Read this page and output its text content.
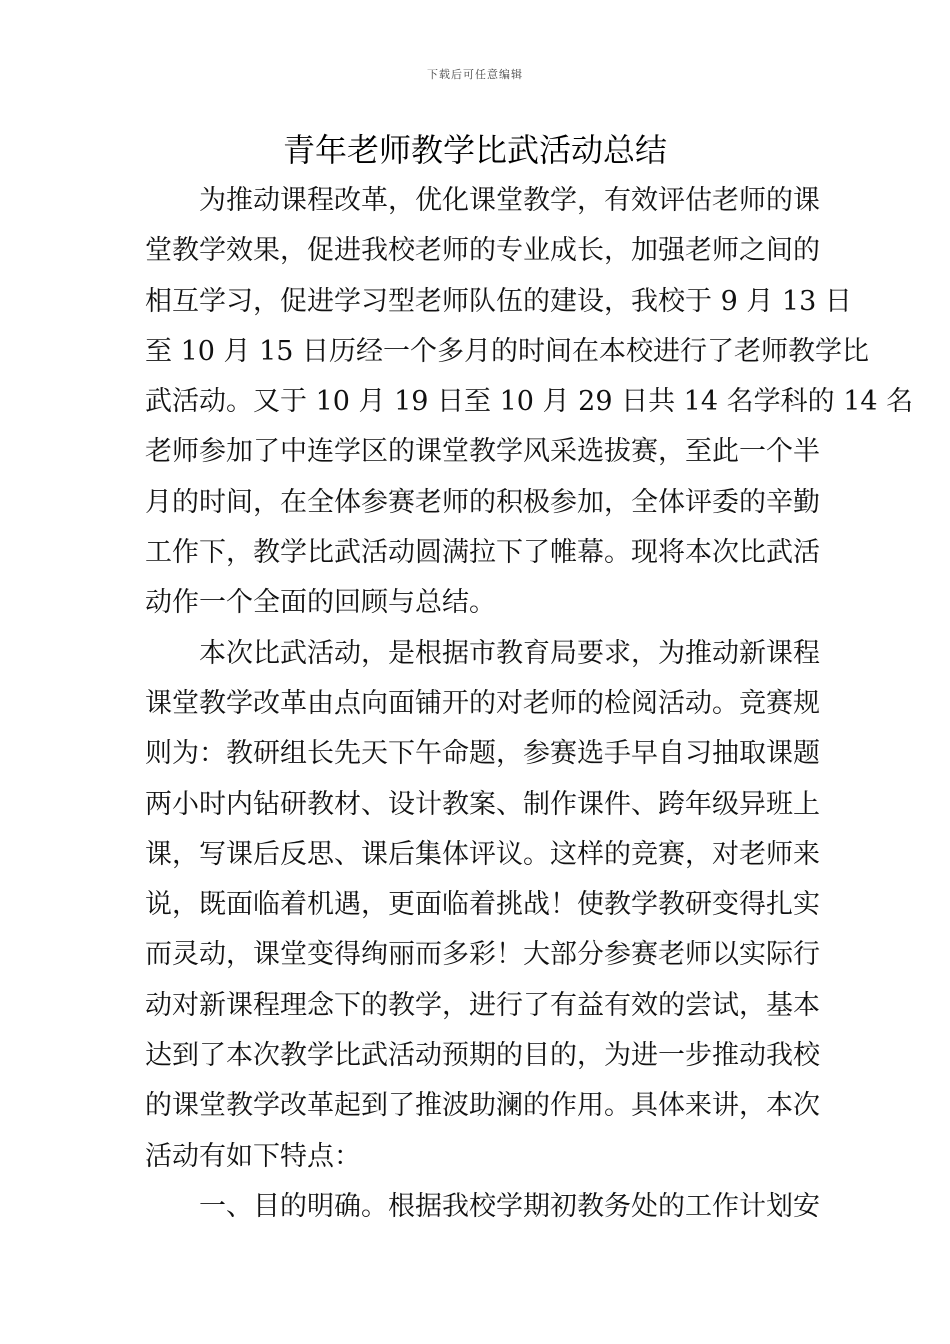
下载后可任意编辑
青年老师教学比武活动总结
为推动课程改革，优化课堂教学，有效评估老师的课
堂教学效果，促进我校老师的专业成长，加强老师之间的
相互学习，促进学习型老师队伍的建设，我校于 9 月 13 日
至 10 月 15 日历经一个多月的时间在本校进行了老师教学比
武活动。又于 10 月 19 日至 10 月 29 日共 14 名学科的 14 名
老师参加了中连学区的课堂教学风采选拔赛，至此一个半
月的时间，在全体参赛老师的积极参加，全体评委的辛勤
工作下，教学比武活动圆满拉下了帷幕。现将本次比武活
动作一个全面的回顾与总结。
本次比武活动，是根据市教育局要求，为推动新课程
课堂教学改革由点向面铺开的对老师的检阅活动。竞赛规
则为：教研组长先天下午命题，参赛选手早自习抽取课题
两小时内钻研教材、设计教案、制作课件、跨年级异班上
课，写课后反思、课后集体评议。这样的竞赛，对老师来
说，既面临着机遇，更面临着挑战！使教学教研变得扎实
而灵动，课堂变得绚丽而多彩！大部分参赛老师以实际行
动对新课程理念下的教学，进行了有益有效的尝试，基本
达到了本次教学比武活动预期的目的，为进一步推动我校
的课堂教学改革起到了推波助澜的作用。具体来讲，本次
活动有如下特点：
一、目的明确。根据我校学期初教务处的工作计划安
